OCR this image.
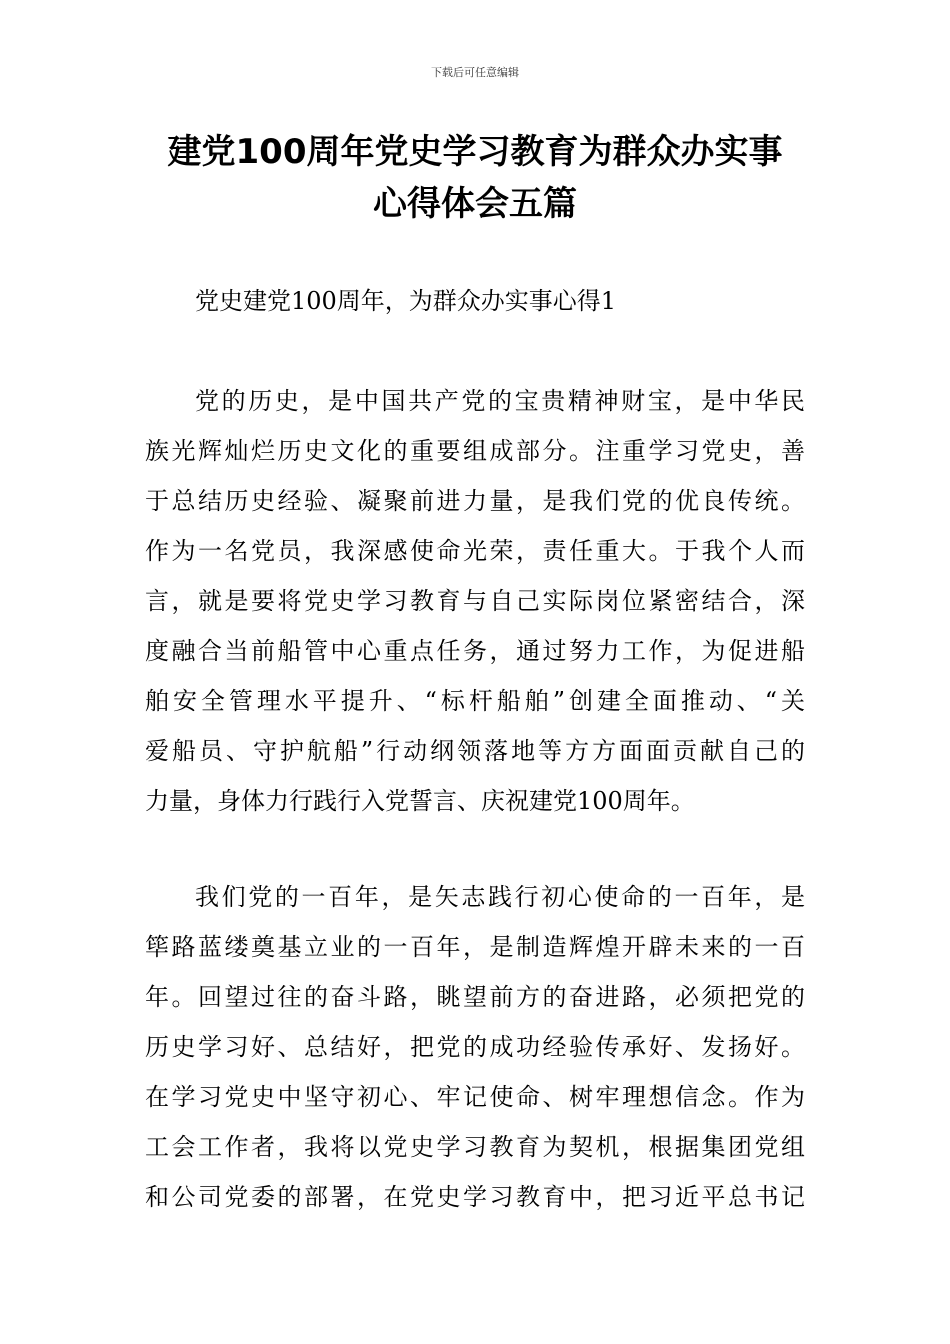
下载后可任意编辑
建党100周年党史学习教育为群众办实事
心得体会五篇
党史建党100周年，为群众办实事心得1
党的历史，是中国共产党的宝贵精神财宝，是中华民
族光辉灿烂历史文化的重要组成部分。注重学习党史，善
于总结历史经验、凝聚前进力量，是我们党的优良传统。
作为一名党员，我深感使命光荣，责任重大。于我个人而
言，就是要将党史学习教育与自己实际岗位紧密结合，深
度融合当前船管中心重点任务，通过努力工作，为促进船
舶安全管理水平提升、“标杆船舶”创建全面推动、“关
爱船员、守护航船”行动纲领落地等方方面面贡献自己的
力量，身体力行践行入党誓言、庆祝建党100周年。
我们党的一百年，是矢志践行初心使命的一百年，是
筚路蓝缕奠基立业的一百年，是制造辉煌开辟未来的一百
年。回望过往的奋斗路，眺望前方的奋进路，必须把党的
历史学习好、总结好，把党的成功经验传承好、发扬好。
在学习党史中坚守初心、牢记使命、树牢理想信念。作为
工会工作者，我将以党史学习教育为契机，根据集团党组
和公司党委的部署，在党史学习教育中，把习近平总书记
